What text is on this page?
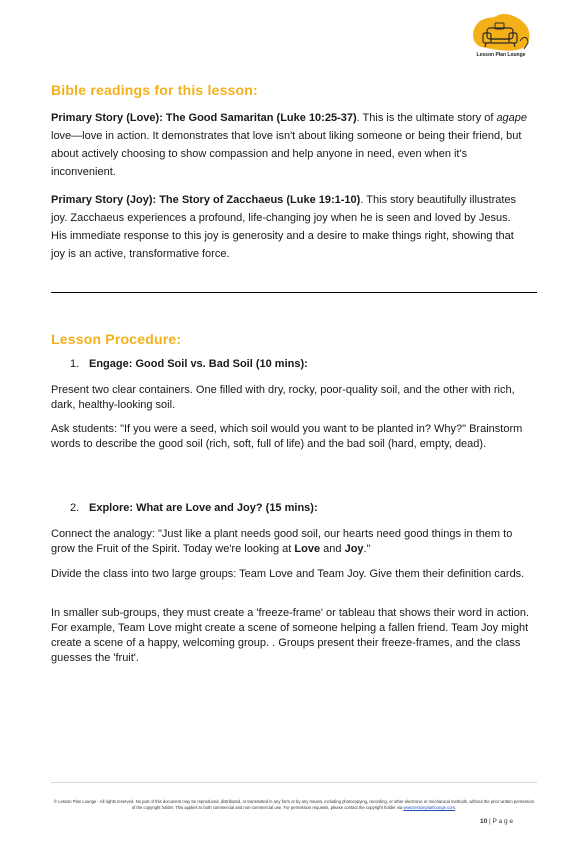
Lesson Plan Lounge
Bible readings for this lesson:
Primary Story (Love): The Good Samaritan (Luke 10:25-37). This is the ultimate story of agape love—love in action. It demonstrates that love isn't about liking someone or being their friend, but about actively choosing to show compassion and help anyone in need, even when it's inconvenient.
Primary Story (Joy): The Story of Zacchaeus (Luke 19:1-10). This story beautifully illustrates joy. Zacchaeus experiences a profound, life-changing joy when he is seen and loved by Jesus. His immediate response to this joy is generosity and a desire to make things right, showing that joy is an active, transformative force.
Lesson Procedure:
1. Engage: Good Soil vs. Bad Soil (10 mins):
Present two clear containers. One filled with dry, rocky, poor-quality soil, and the other with rich, dark, healthy-looking soil.
Ask students: "If you were a seed, which soil would you want to be planted in? Why?" Brainstorm words to describe the good soil (rich, soft, full of life) and the bad soil (hard, empty, dead).
2. Explore: What are Love and Joy? (15 mins):
Connect the analogy: "Just like a plant needs good soil, our hearts need good things in them to grow the Fruit of the Spirit. Today we're looking at Love and Joy."
Divide the class into two large groups: Team Love and Team Joy. Give them their definition cards.
In smaller sub-groups, they must create a 'freeze-frame' or tableau that shows their word in action. For example, Team Love might create a scene of someone helping a fallen friend. Team Joy might create a scene of a happy, welcoming group. . Groups present their freeze-frames, and the class guesses the 'fruit'.
© Lesson Plan Lounge - All rights reserved. No part of this document may be reproduced, distributed, or transmitted in any form or by any means, including photocopying, recording, or other electronic or mechanical methods, without the prior written permission of the copyright holder. This applies to both commercial and non-commercial use. For permission requests, please contact the copyright holder via www.lessonplanlounge.com.
10 | P a g e
